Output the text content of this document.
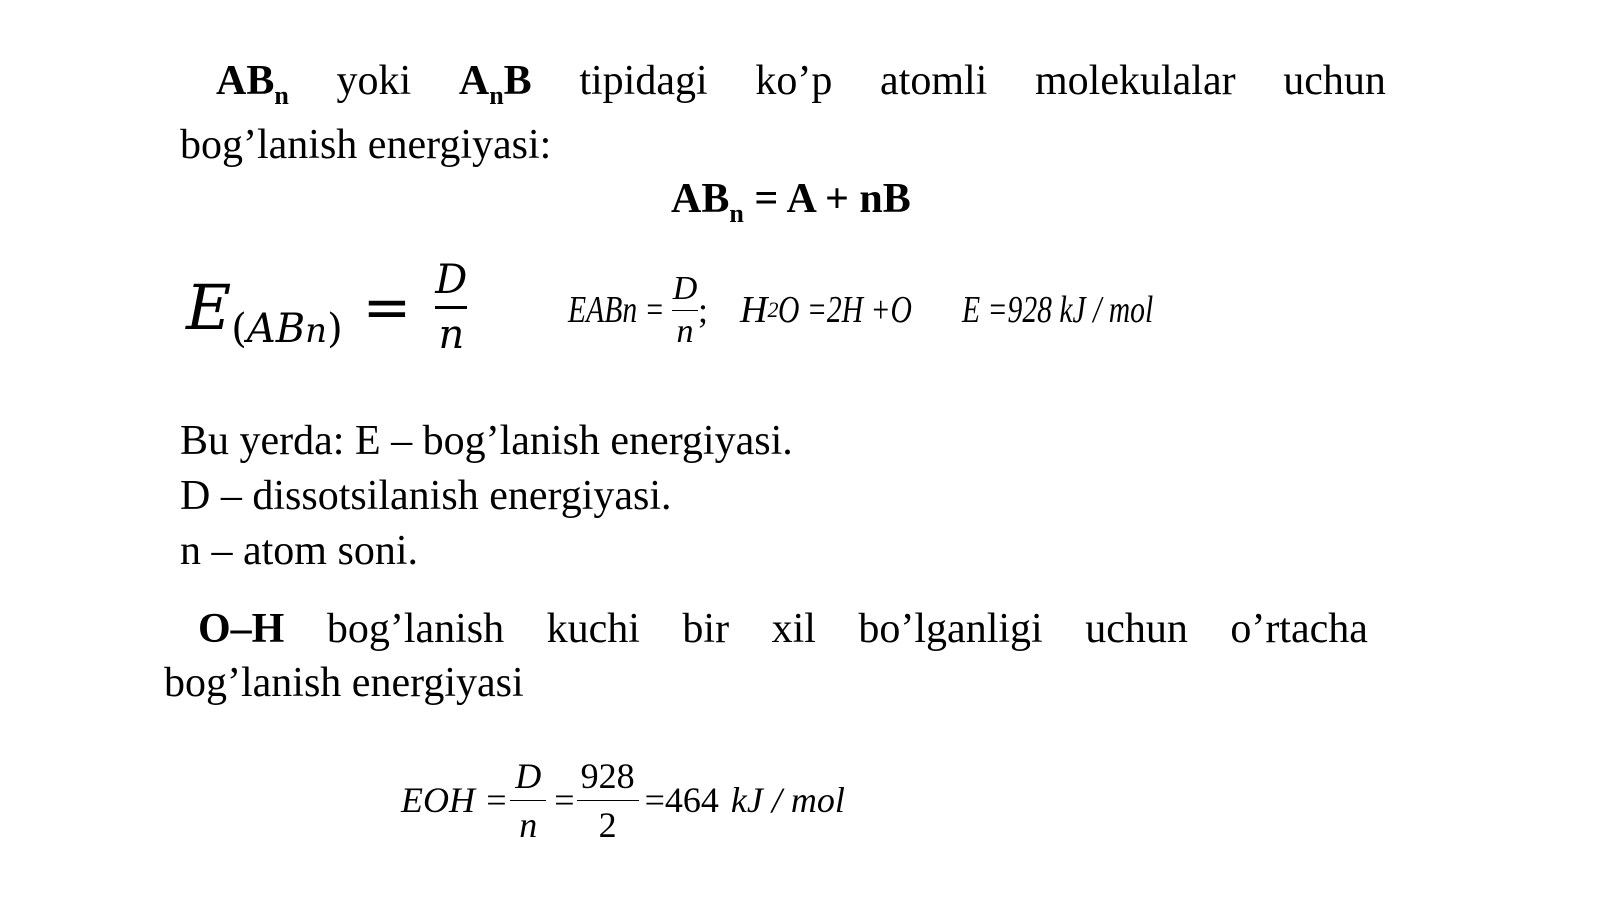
$AB_n$ yoki $A_nB$ tipidagi ko’p atomli molekulalar uchun
bog’lanish energiyasi:
$AB_n = A$ + nB
E $(ABn) = \frac{D}{n}$	EABn = $\frac{D}{n}$ ; H 2 O =2H +O E =928 kJ / mol
Bu yerda: E – bog’lanish energiyasi.
D – dissotsilanish energiyasi.
n – atom soni.
O–H bog’lanish kuchi bir xil bo’lganligi uchun o’rtacha
bog’lanish energiyasi
EOH = $\frac{D}{n} = \frac{928}{2} =464$ kJ / mol
